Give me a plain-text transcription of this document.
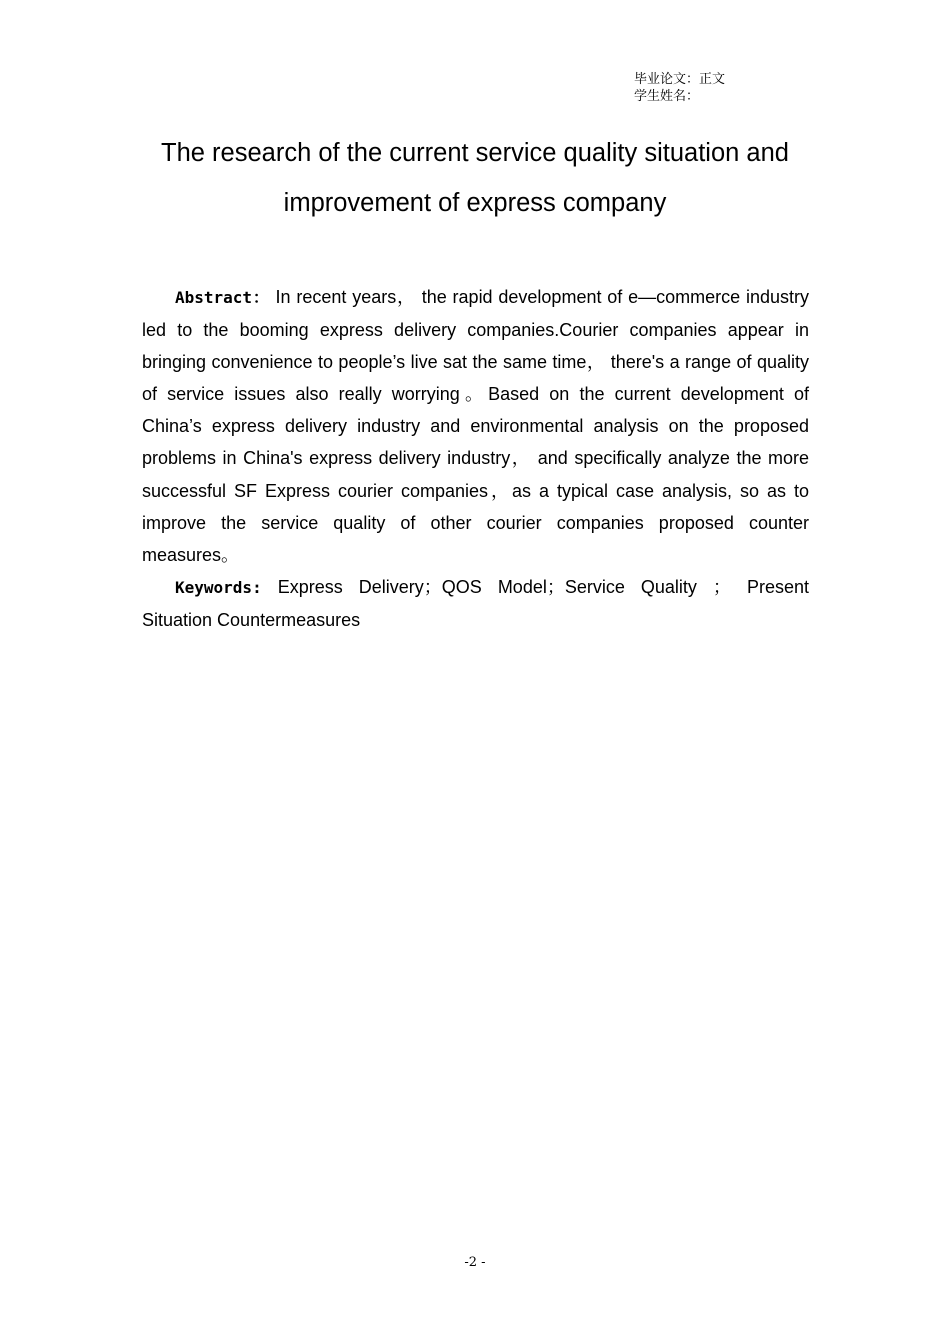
毕业论文：正文
学生姓名：
The research of the current service quality situation and
improvement of express company

Abstract： In recent years， the rapid development of e—commerce industry led to the booming express delivery companies.Courier companies appear in bringing convenience to people’s live sat the same time， there's a range of quality of service issues also really worrying。Based on the current development of China’s express delivery industry and environmental analysis on the proposed problems in China's express delivery industry， and specifically analyze the more successful SF Express courier companies，as a typical case analysis, so as to improve the service quality of other courier companies proposed counter measures。

Keywords: Express Delivery；QOS Model；Service Quality ； Present Situation Countermeasures

-2 -
